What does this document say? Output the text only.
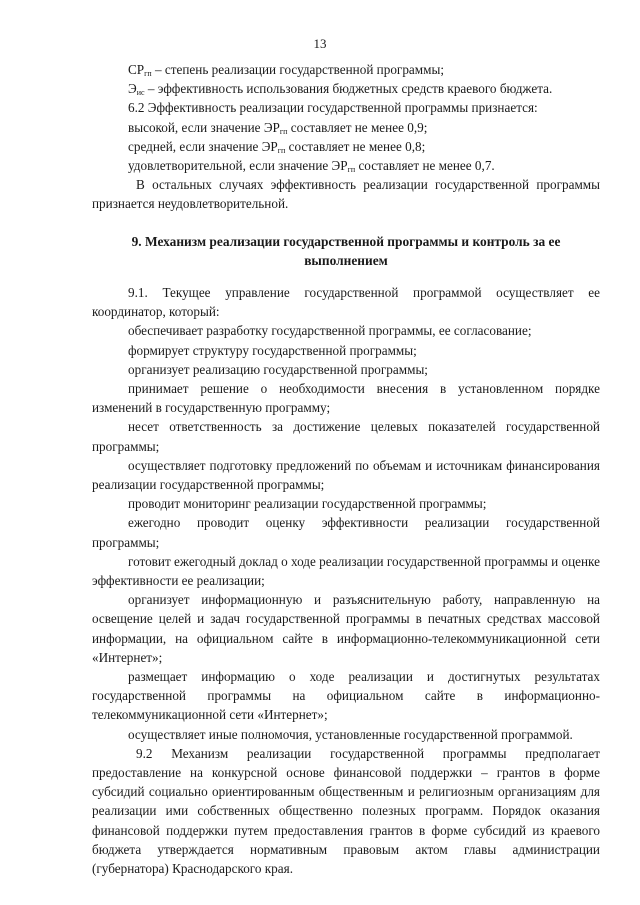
13

$СР_{гп}$ – степень реализации государственной программы;

$Э_{ис}$ – эффективность использования бюджетных средств краевого бюджета.

6.2 Эффективность реализации государственной программы признается:

высокой, если значение $ЭР_{гп}$ составляет не менее 0,9;

средней, если значение $ЭР_{гп}$ составляет не менее 0,8;

удовлетворительной, если значение $ЭР_{гп}$ составляет не менее 0,7.

В остальных случаях эффективность реализации государственной программы признается неудовлетворительной.

9. Механизм реализации государственной программы и контроль за ее выполнением

9.1. Текущее управление государственной программой осуществляет ее координатор, который:

обеспечивает разработку государственной программы, ее согласование;

формирует структуру государственной программы;

организует реализацию государственной программы;

принимает решение о необходимости внесения в установленном порядке изменений в государственную программу;

несет ответственность за достижение целевых показателей государственной программы;

осуществляет подготовку предложений по объемам и источникам финансирования реализации государственной программы;

проводит мониторинг реализации государственной программы;

ежегодно проводит оценку эффективности реализации государственной программы;

готовит ежегодный доклад о ходе реализации государственной программы и оценке эффективности ее реализации;

организует информационную и разъяснительную работу, направленную на освещение целей и задач государственной программы в печатных средствах массовой информации, на официальном сайте в информационно-телекоммуникационной сети «Интернет»;

размещает информацию о ходе реализации и достигнутых результатах государственной программы на официальном сайте в информационно-телекоммуникационной сети «Интернет»;

осуществляет иные полномочия, установленные государственной программой.

9.2 Механизм реализации государственной программы предполагает предоставление на конкурсной основе финансовой поддержки – грантов в форме субсидий социально ориентированным общественным и религиозным организациям для реализации ими собственных общественно полезных программ. Порядок оказания финансовой поддержки путем предоставления грантов в форме субсидий из краевого бюджета утверждается нормативным правовым актом главы администрации (губернатора) Краснодарского края.
